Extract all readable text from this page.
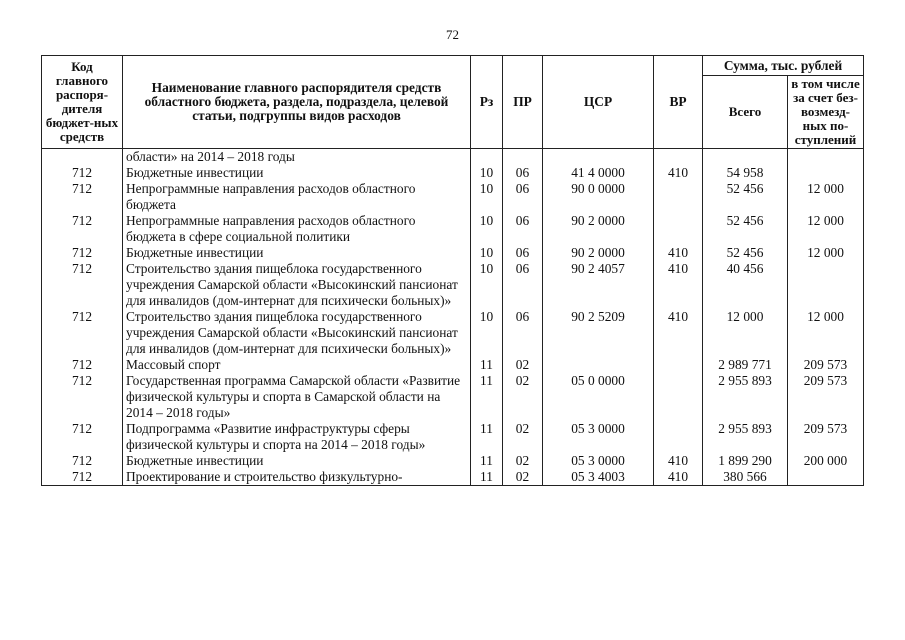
72
Код главного распоря-дителя бюджет-ных средств	Наименование главного распорядителя средств областного бюджета, раздела, подраздела, целевой статьи, подгруппы видов расходов	Рз	ПР	ЦСР	ВР	Сумма, тыс. рублей	
						Всего	в том числе за счет без-возмезд-ных по-ступлений
	области» на 2014 – 2018 годы						
712	Бюджетные инвестиции	10	06	41 4 0000	410	54 958	
712	Непрограммные направления расходов областного бюджета	10	06	90 0 0000		52 456	12 000
712	Непрограммные направления расходов областного бюджета в сфере социальной политики	10	06	90 2 0000		52 456	12 000
712	Бюджетные инвестиции	10	06	90 2 0000	410	52 456	12 000
712	Строительство здания пищеблока государственного учреждения Самарской области «Высокинский пансионат для инвалидов (дом-интернат для психически больных)»	10	06	90 2 4057	410	40 456	
712	Строительство здания пищеблока государственного учреждения Самарской области «Высокинский пансионат для инвалидов (дом-интернат для психически больных)»	10	06	90 2 5209	410	12 000	12 000
712	Массовый спорт	11	02			2 989 771	209 573
712	Государственная программа Самарской области «Развитие физической культуры и спорта в Самарской области на 2014 – 2018 годы»	11	02	05 0 0000		2 955 893	209 573
712	Подпрограмма «Развитие инфраструктуры сферы физической культуры и спорта на 2014 – 2018 годы»	11	02	05 3 0000		2 955 893	209 573
712	Бюджетные инвестиции	11	02	05 3 0000	410	1 899 290	200 000
712	Проектирование и строительство физкультурно-	11	02	05 3 4003	410	380 566	
